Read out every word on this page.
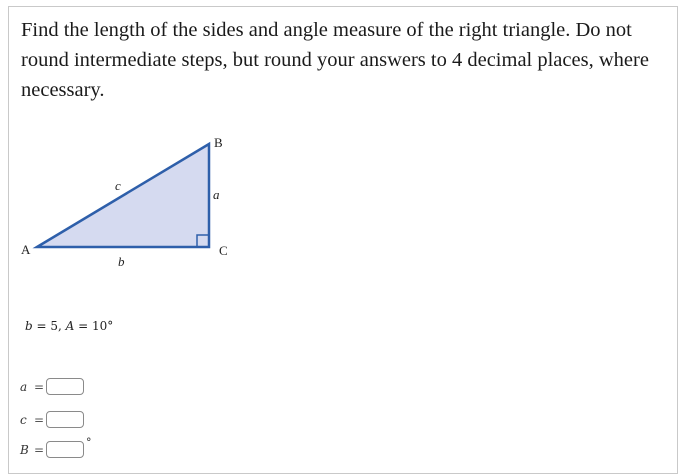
Find the length of the sides and angle measure of the right triangle. Do not round intermediate steps, but round your answers to 4 decimal places, where necessary.

A
B
C
c
a
b
b = 5, A = 10°
a =
c =
B =	°
